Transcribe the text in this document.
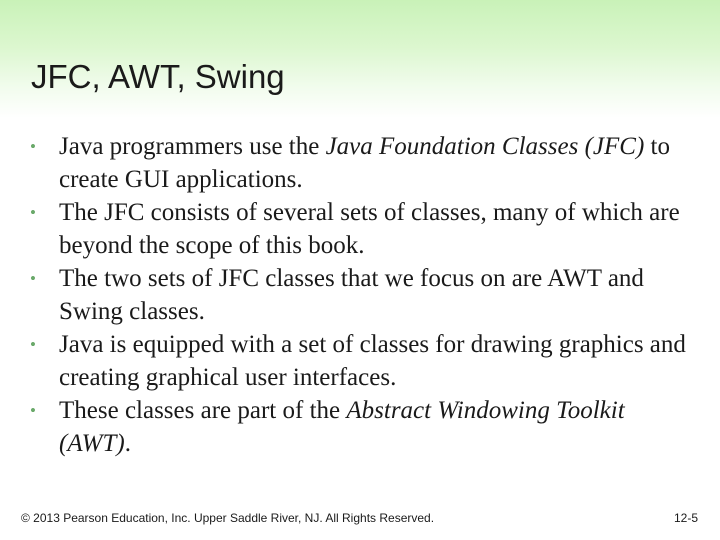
JFC, AWT, Swing
• Java programmers use the Java Foundation Classes (JFC) to create GUI applications.
• The JFC consists of several sets of classes, many of which are beyond the scope of this book.
• The two sets of JFC classes that we focus on are AWT and Swing classes.
• Java is equipped with a set of classes for drawing graphics and creating graphical user interfaces.
• These classes are part of the Abstract Windowing Toolkit (AWT).
© 2013 Pearson Education, Inc. Upper Saddle River, NJ. All Rights Reserved.	12-5
